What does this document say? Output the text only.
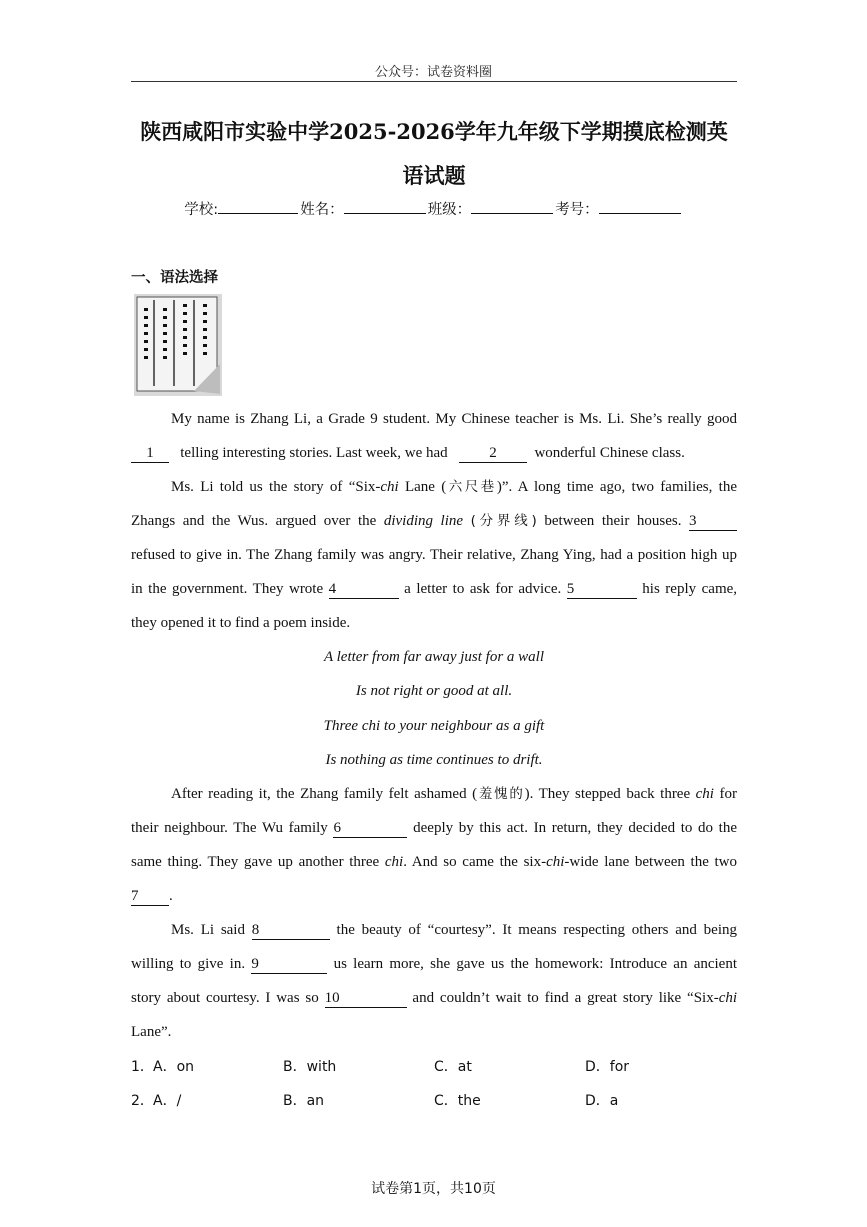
公众号：试卷资料圈
陕西咸阳市实验中学2025-2026学年九年级下学期摸底检测英
语试题
学校:	姓名：	班级：	考号：
一、语法选择
My name is Zhang Li, a Grade 9 student. My Chinese teacher is Ms. Li. She’s really good
1 telling interesting stories. Last week, we had	2	wonderful Chinese class.
Ms. Li told us the story of “Six-chi Lane (六尺巷)”. A long time ago, two families, the
Zhangs and the Wus. argued over the dividing line (分界线) between their houses. 3
refused to give in. The Zhang family was angry. Their relative, Zhang Ying, had a position high up
in the government. They wrote 4	a letter to ask for advice. 5	his reply came,
they opened it to find a poem inside.
A letter from far away just for a wall
Is not right or good at all.
Three chi to your neighbour as a gift
Is nothing as time continues to drift.
After reading it, the Zhang family felt ashamed (羞愧的). They stepped back three chi for
their neighbour. The Wu family 6	deeply by this act. In return, they decided to do the
same thing. They gave up another three chi. And so came the six-chi-wide lane between the two
7 .
Ms. Li said 8	the beauty of “courtesy”. It means respecting others and being
willing to give in. 9	us learn more, she gave us the homework: Introduce an ancient
story about courtesy. I was so 10	and couldn’t wait to find a great story like “Six-chi
Lane”.
1． A．on	B．with	C．at	D．for
2． A．/	B．an	C．the	D．a
试卷第1页，共10页
